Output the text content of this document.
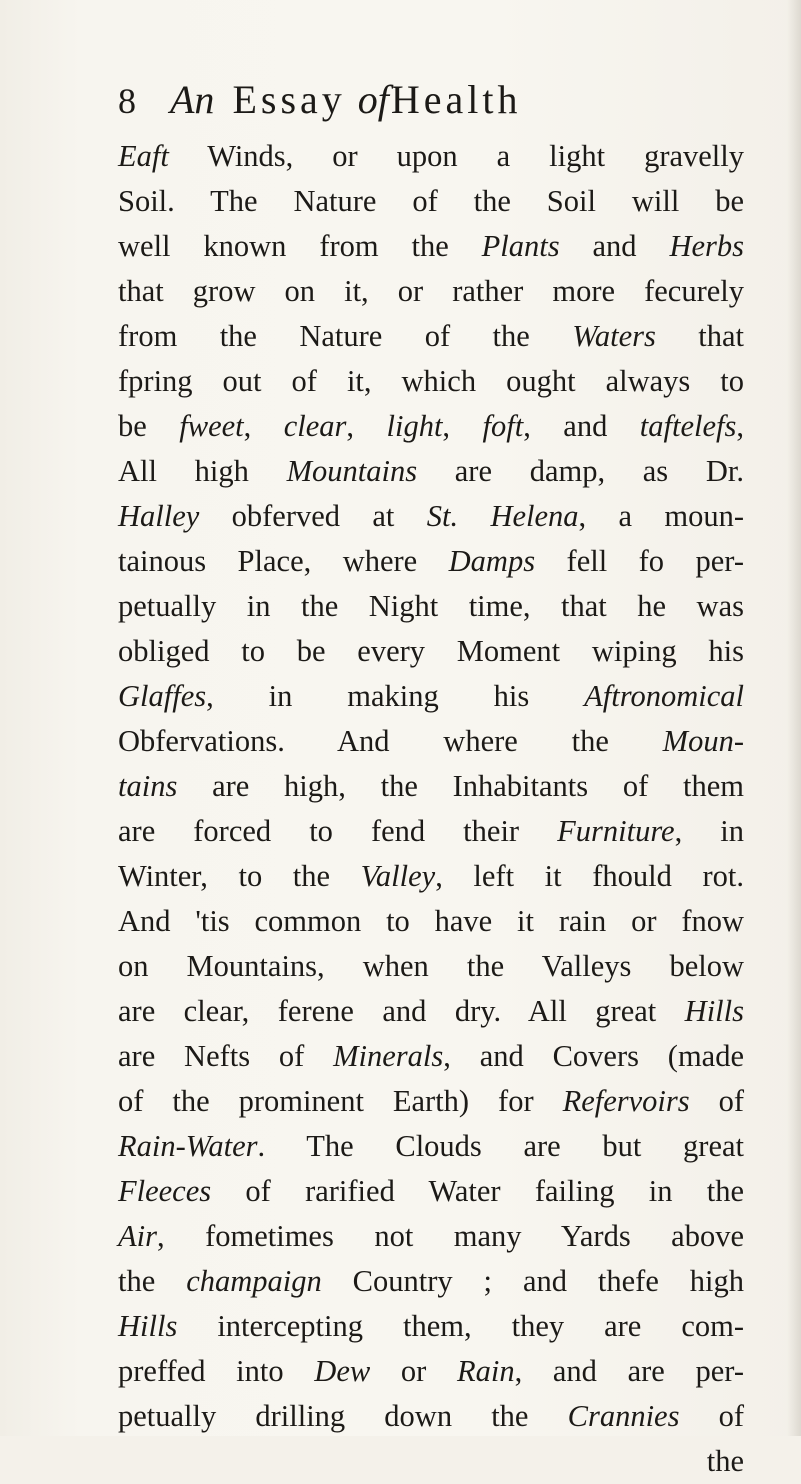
8 An Essay ofHealth
Eaft Winds, or upon a light gravelly
Soil. The Nature of the Soil will be
well known from the Plants and Herbs
that grow on it, or rather more fecurely
from the Nature of the Waters that
fpring out of it, which ought always to
be fweet, clear, light, foft, and taftelefs,
All high Mountains are damp, as Dr.
Halley obferved at St. Helena, a moun-
tainous Place, where Damps fell fo per-
petually in the Night time, that he was
obliged to be every Moment wiping his
Glaffes, in making his Aftronomical
Obfervations. And where the Moun-
tains are high, the Inhabitants of them
are forced to fend their Furniture, in
Winter, to the Valley, left it fhould rot.
And 'tis common to have it rain or fnow
on Mountains, when the Valleys below
are clear, ferene and dry. All great Hills
are Nefts of Minerals, and Covers (made
of the prominent Earth) for Refervoirs of
Rain-Water. The Clouds are but great
Fleeces of rarified Water failing in the
Air, fometimes not many Yards above
the champaign Country ; and thefe high
Hills intercepting them, they are com-
preffed into Dew or Rain, and are per-
petually drilling down the Crannies of
the
